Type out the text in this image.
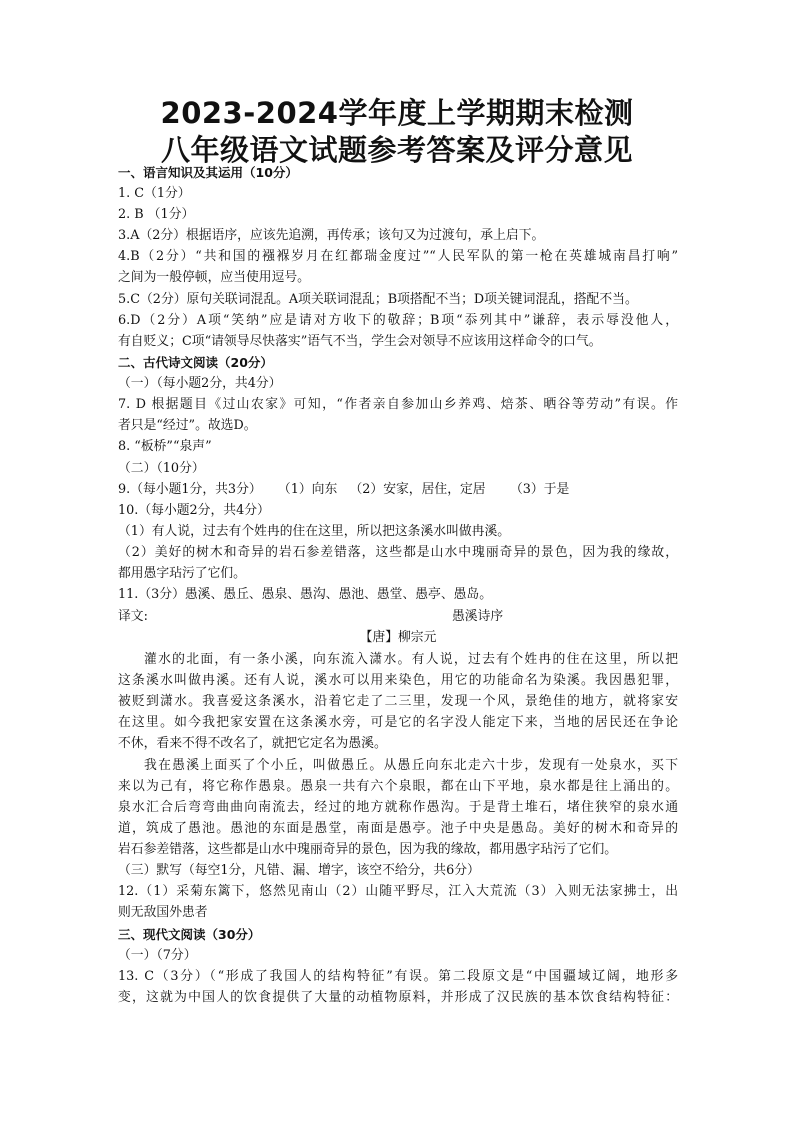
2023-2024学年度上学期期末检测
八年级语文试题参考答案及评分意见
一、语言知识及其运用（10分）
1. C（1分）
2. B （1分）
3.A（2分）根据语序，应该先追溯，再传承；该句又为过渡句，承上启下。
4.B（2分）“共和国的襁褓岁月在红都瑞金度过”“人民军队的第一枪在英雄城南昌打响”
之间为一般停顿，应当使用逗号。
5.C（2分）原句关联词混乱。A项关联词混乱；B项搭配不当；D项关键词混乱，搭配不当。
6.D（2分）A项“笑纳”应是请对方收下的敬辞；B项“忝列其中”谦辞，表示辱没他人，
有自贬义；C项“请领导尽快落实”语气不当，学生会对领导不应该用这样命令的口气。
二、古代诗文阅读（20分）
（一）（每小题2分，共4分）
7. D 根据题目《过山农家》可知，“作者亲自参加山乡养鸡、焙茶、晒谷等劳动”有误。作
者只是“经过”。故选D。
8. “板桥”“泉声”
（二）（10分）
9.（每小题1分，共3分）    （1）向东   （2）安家，居住，定居      （3）于是
10.（每小题2分，共4分）
（1）有人说，过去有个姓冉的住在这里，所以把这条溪水叫做冉溪。
（2）美好的树木和奇异的岩石参差错落，这些都是山水中瑰丽奇异的景色，因为我的缘故，
都用愚字玷污了它们。
11.（3分）愚溪、愚丘、愚泉、愚沟、愚池、愚堂、愚亭、愚岛。
译文:	愚溪诗序
【唐】柳宗元
灌水的北面，有一条小溪，向东流入潇水。有人说，过去有个姓冉的住在这里，所以把
这条溪水叫做冉溪。还有人说，溪水可以用来染色，用它的功能命名为染溪。我因愚犯罪，
被贬到潇水。我喜爱这条溪水，沿着它走了二三里，发现一个风，景绝佳的地方，就将家安
在这里。如今我把家安置在这条溪水旁，可是它的名字没人能定下来，当地的居民还在争论
不休，看来不得不改名了，就把它定名为愚溪。
我在愚溪上面买了个小丘，叫做愚丘。从愚丘向东北走六十步，发现有一处泉水，买下
来以为己有，将它称作愚泉。愚泉一共有六个泉眼，都在山下平地，泉水都是往上涌出的。
泉水汇合后弯弯曲曲向南流去，经过的地方就称作愚沟。于是背土堆石，堵住狭窄的泉水通
道，筑成了愚池。愚池的东面是愚堂，南面是愚亭。池子中央是愚岛。美好的树木和奇异的
岩石参差错落，这些都是山水中瑰丽奇异的景色，因为我的缘故，都用愚字玷污了它们。
（三）默写（每空1分，凡错、漏、增字，该空不给分，共6分）
12.（1）采菊东篱下，悠然见南山（2）山随平野尽，江入大荒流（3）入则无法家拂士，出
则无敌国外患者
三、现代文阅读（30分）
（一）（7分）
13. C（3分）（“形成了我国人的结构特征”有误。第二段原文是“中国疆域辽阔，地形多
变，这就为中国人的饮食提供了大量的动植物原料，并形成了汉民族的基本饮食结构特征：
